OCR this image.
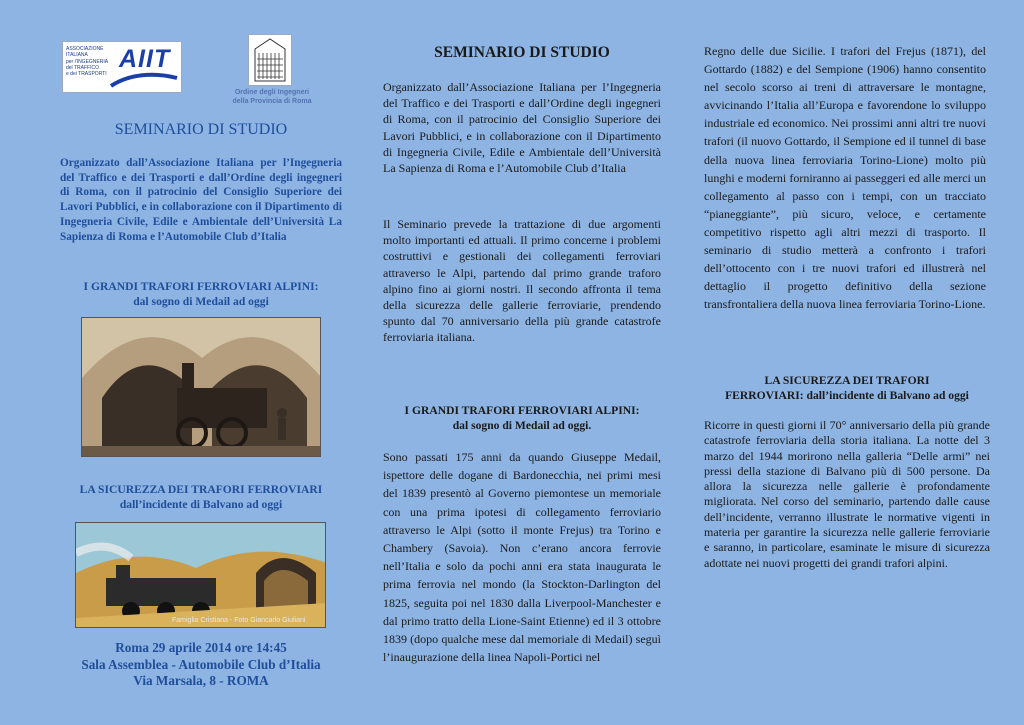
ASSOCIAZIONE ITALIANA
per l'INGEGNERIA
del TRAFFICO
e dei TRASPORTI
AIIT
Ordine degli Ingegneri
della Provincia di Roma
SEMINARIO DI STUDIO
Organizzato dall’Associazione Italiana per l’Ingegneria del Traffico e dei Trasporti e dall’Ordine degli ingegneri di Roma, con il patrocinio del Consiglio Superiore dei Lavori Pubblici, e in collaborazione con il Dipartimento di Ingegneria Civile, Edile e Ambientale dell’Università La Sapienza di Roma e l’Automobile Club d’Italia
I GRANDI TRAFORI FERROVIARI ALPINI:
dal sogno di Medail ad oggi
LA SICUREZZA DEI TRAFORI FERROVIARI
dall’incidente di Balvano ad oggi
Roma 29 aprile 2014 ore 14:45
Sala Assemblea - Automobile Club d’Italia
Via Marsala, 8 - ROMA
Famiglia Cristiana - Foto Giancarlo Giuliani
SEMINARIO DI STUDIO
Organizzato dall’Associazione Italiana per l’Ingegneria del Traffico e dei Trasporti e dall’Ordine degli ingegneri di Roma, con il patrocinio del Consiglio Superiore dei Lavori Pubblici, e in collaborazione con il Dipartimento di Ingegneria Civile, Edile e Ambientale dell’Università La Sapienza di Roma e l’Automobile Club d’Italia
Il Seminario prevede la trattazione di due argomenti molto importanti ed attuali. Il primo concerne i problemi costruttivi e gestionali dei collegamenti ferroviari attraverso le Alpi, partendo dal primo grande traforo alpino fino ai giorni nostri. Il secondo affronta il tema della sicurezza delle gallerie ferroviarie, prendendo spunto dal 70 anniversario della più grande catastrofe ferroviaria italiana.
I GRANDI TRAFORI FERROVIARI ALPINI:
dal sogno di Medail ad oggi.
Sono passati 175 anni da quando Giuseppe Medail, ispettore delle dogane di Bardonecchia, nei primi mesi del 1839 presentò al Governo piemontese un memoriale con una prima ipotesi di collegamento ferroviario attraverso le Alpi (sotto il monte Frejus) tra Torino e Chambery (Savoia). Non c’erano ancora ferrovie nell’Italia e solo da pochi anni era stata inaugurata le prima ferrovia nel mondo (la Stockton-Darlington del 1825, seguita poi nel 1830 dalla Liverpool-Manchester e dal primo tratto della Lione-Saint Etienne) ed il 3 ottobre 1839 (dopo qualche mese dal memoriale di Medail) seguì l’inaugurazione della linea Napoli-Portici nel
Regno delle due Sicilie. I trafori del Frejus (1871), del Gottardo (1882) e del Sempione (1906) hanno consentito nel secolo scorso ai treni di attraversare le montagne, avvicinando l’Italia all’Europa e favorendone lo sviluppo industriale ed economico. Nei prossimi anni altri tre nuovi trafori (il nuovo Gottardo, il Sempione ed il tunnel di base della nuova linea ferroviaria Torino-Lione) molto più lunghi e moderni forniranno ai passeggeri ed alle merci un collegamento al passo con i tempi, con un tracciato “pianeggiante”, più sicuro, veloce, e certamente competitivo rispetto agli altri mezzi di trasporto. Il seminario di studio metterà a confronto i trafori dell’ottocento con i tre nuovi trafori ed illustrerà nel dettaglio il progetto definitivo della sezione transfrontaliera della nuova linea ferroviaria Torino-Lione.
LA SICUREZZA DEI TRAFORI
FERROVIARI: dall’incidente di Balvano ad oggi
Ricorre in questi giorni il 70° anniversario della più grande catastrofe ferroviaria della storia italiana. La notte del 3 marzo del 1944 morirono nella galleria “Delle armi” nei pressi della stazione di Balvano più di 500 persone. Da allora la sicurezza nelle gallerie è profondamente migliorata. Nel corso del seminario, partendo dalle cause dell’incidente, verranno illustrate le normative vigenti in materia per garantire la sicurezza nelle gallerie ferroviarie e saranno, in particolare, esaminate le misure di sicurezza adottate nei nuovi progetti dei grandi trafori alpini.
